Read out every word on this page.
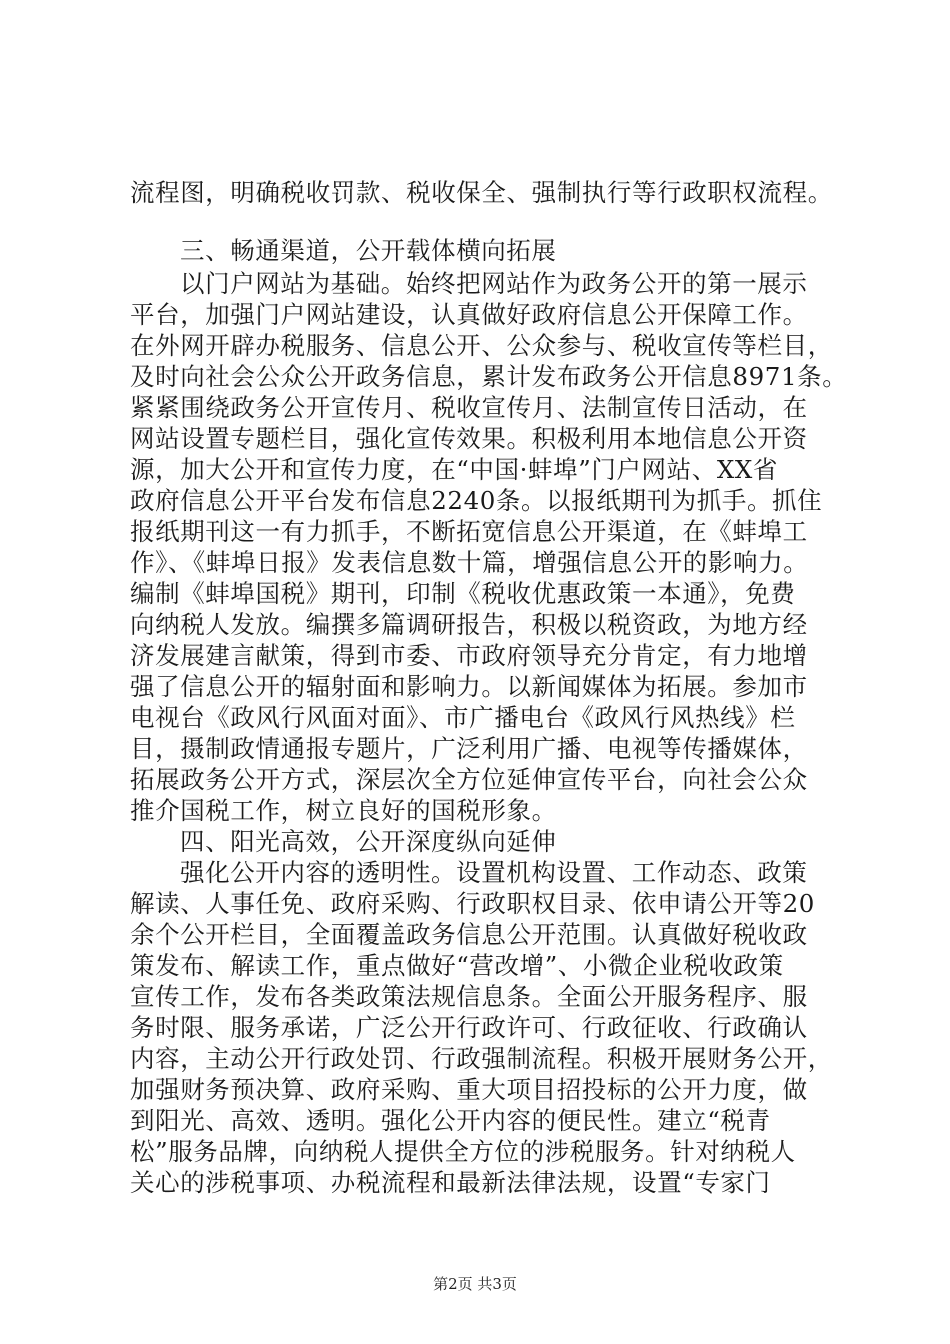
流程图，明确税收罚款、税收保全、强制执行等行政职权流程。
三、畅通渠道，公开载体横向拓展
以门户网站为基础。始终把网站作为政务公开的第一展示
平台，加强门户网站建设，认真做好政府信息公开保障工作。
在外网开辟办税服务、信息公开、公众参与、税收宣传等栏目，
及时向社会公众公开政务信息，累计发布政务公开信息8971条。
紧紧围绕政务公开宣传月、税收宣传月、法制宣传日活动，在
网站设置专题栏目，强化宣传效果。积极利用本地信息公开资
源，加大公开和宣传力度，在“中国·蚌埠”门户网站、XX省
政府信息公开平台发布信息2240条。以报纸期刊为抓手。抓住
报纸期刊这一有力抓手，不断拓宽信息公开渠道，在《蚌埠工
作》、《蚌埠日报》发表信息数十篇，增强信息公开的影响力。
编制《蚌埠国税》期刊，印制《税收优惠政策一本通》，免费
向纳税人发放。编撰多篇调研报告，积极以税资政，为地方经
济发展建言献策，得到市委、市政府领导充分肯定，有力地增
强了信息公开的辐射面和影响力。以新闻媒体为拓展。参加市
电视台《政风行风面对面》、市广播电台《政风行风热线》栏
目，摄制政情通报专题片，广泛利用广播、电视等传播媒体，
拓展政务公开方式，深层次全方位延伸宣传平台，向社会公众
推介国税工作，树立良好的国税形象。
四、阳光高效，公开深度纵向延伸
强化公开内容的透明性。设置机构设置、工作动态、政策
解读、人事任免、政府采购、行政职权目录、依申请公开等20
余个公开栏目，全面覆盖政务信息公开范围。认真做好税收政
策发布、解读工作，重点做好“营改增”、小微企业税收政策
宣传工作，发布各类政策法规信息条。全面公开服务程序、服
务时限、服务承诺，广泛公开行政许可、行政征收、行政确认
内容，主动公开行政处罚、行政强制流程。积极开展财务公开，
加强财务预决算、政府采购、重大项目招投标的公开力度，做
到阳光、高效、透明。强化公开内容的便民性。建立“税青
松”服务品牌，向纳税人提供全方位的涉税服务。针对纳税人
关心的涉税事项、办税流程和最新法律法规，设置“专家门
第2页 共3页
